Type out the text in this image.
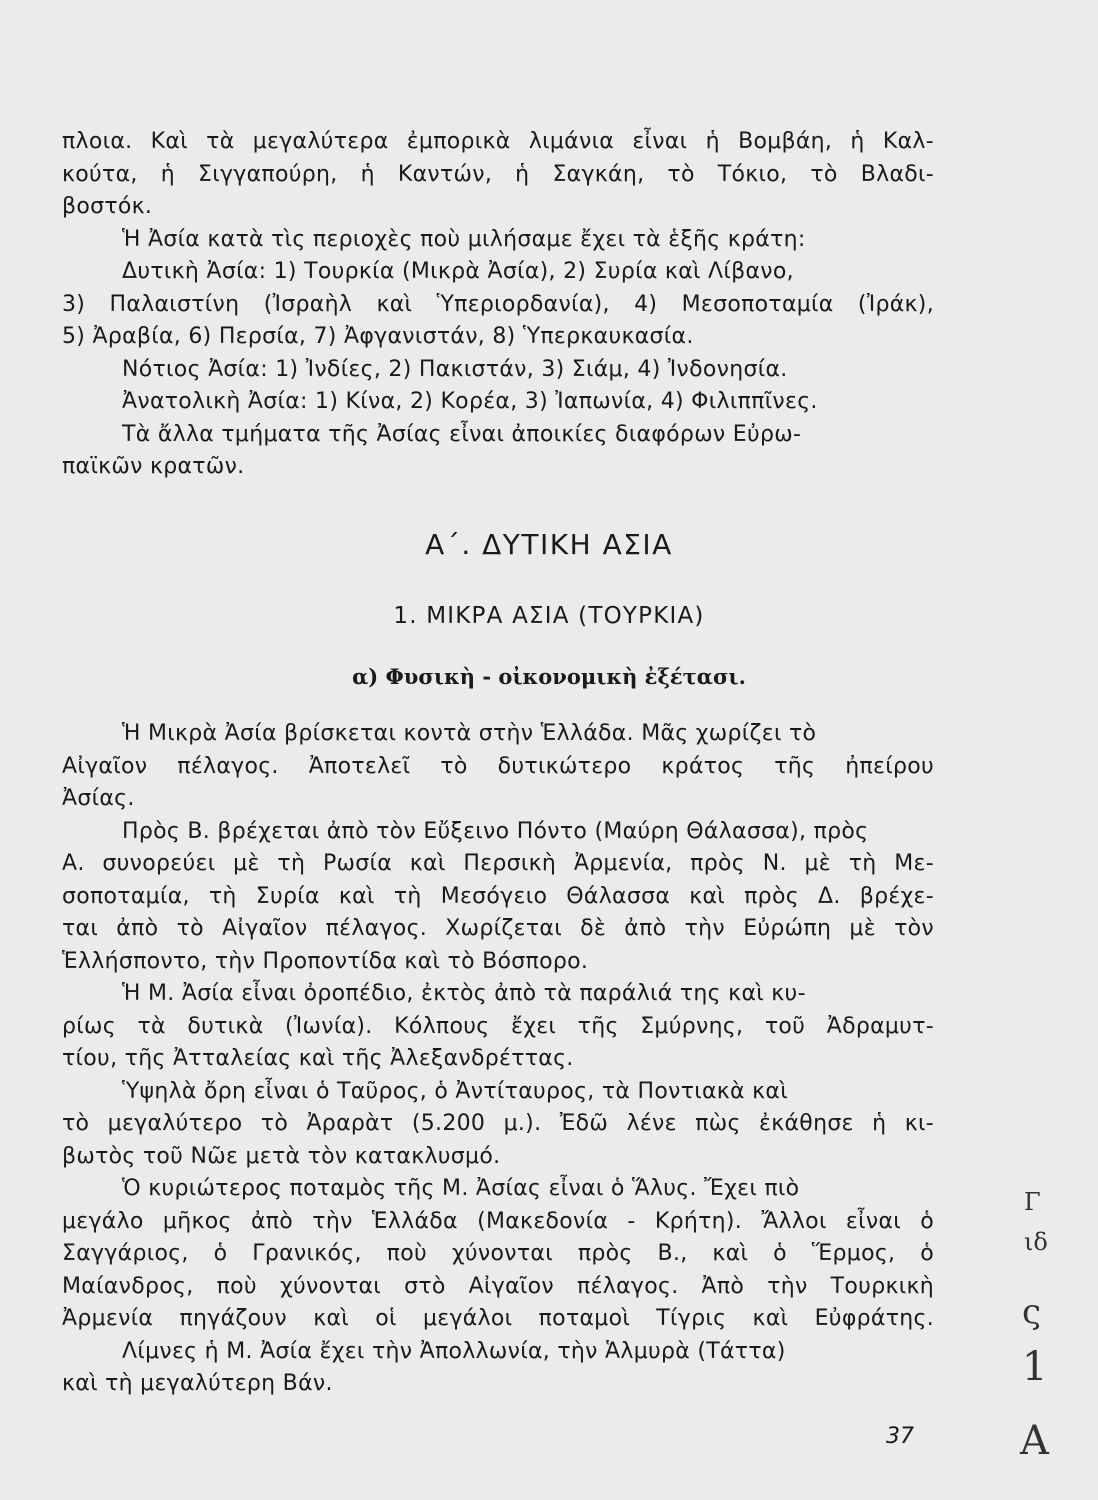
πλοια. Καὶ τὰ μεγαλύτερα ἐμπορικὰ λιμάνια εἶναι ἡ Βομβάη, ἡ Καλ-
κούτα, ἡ Σιγγαπούρη, ἡ Καντών, ἡ Σαγκάη, τὸ Τόκιο, τὸ Βλαδι-
βοστόκ.
Ἡ Ἀσία κατὰ τὶς περιοχὲς ποὺ μιλήσαμε ἔχει τὰ ἑξῆς κράτη:
Δυτικὴ Ἀσία: 1) Τουρκία (Μικρὰ Ἀσία), 2) Συρία καὶ Λίβανο,
3) Παλαιστίνη (Ἰσραὴλ καὶ Ὑπεριορδανία), 4) Μεσοποταμία (Ἰράκ),
5) Ἀραβία, 6) Περσία, 7) Ἀφγανιστάν, 8) Ὑπερκαυκασία.
Νότιος Ἀσία: 1) Ἰνδίες, 2) Πακιστάν, 3) Σιάμ, 4) Ἰνδονησία.
Ἀνατολικὴ Ἀσία: 1) Κίνα, 2) Κορέα, 3) Ἰαπωνία, 4) Φιλιππῖνες.
Τὰ ἄλλα τμήματα τῆς Ἀσίας εἶναι ἀποικίες διαφόρων Εὐρω-
παϊκῶν κρατῶν.
Α΄. ΔΥΤΙΚΗ ΑΣΙΑ
1. ΜΙΚΡΑ ΑΣΙΑ (ΤΟΥΡΚΙΑ)
α) Φυσικὴ - οἰκονομικὴ ἐξέτασι.
Ἡ Μικρὰ Ἀσία βρίσκεται κοντὰ στὴν Ἑλλάδα. Μᾶς χωρίζει τὸ
Αἰγαῖον πέλαγος. Ἀποτελεῖ τὸ δυτικώτερο κράτος τῆς ἠπείρου
Ἀσίας.
Πρὸς Β. βρέχεται ἀπὸ τὸν Εὔξεινο Πόντο (Μαύρη Θάλασσα), πρὸς
Α. συνορεύει μὲ τὴ Ρωσία καὶ Περσικὴ Ἀρμενία, πρὸς Ν. μὲ τὴ Με-
σοποταμία, τὴ Συρία καὶ τὴ Μεσόγειο Θάλασσα καὶ πρὸς Δ. βρέχε-
ται ἀπὸ τὸ Αἰγαῖον πέλαγος. Χωρίζεται δὲ ἀπὸ τὴν Εὐρώπη μὲ τὸν
Ἑλλήσποντο, τὴν Προποντίδα καὶ τὸ Βόσπορο.
Ἡ Μ. Ἀσία εἶναι ὀροπέδιο, ἐκτὸς ἀπὸ τὰ παράλιά της καὶ κυ-
ρίως τὰ δυτικὰ (Ἰωνία). Κόλπους ἔχει τῆς Σμύρνης, τοῦ Ἀδραμυτ-
τίου, τῆς Ἀτταλείας καὶ τῆς Ἀλεξανδρέττας.
Ὑψηλὰ ὄρη εἶναι ὁ Ταῦρος, ὁ Ἀντίταυρος, τὰ Ποντιακὰ καὶ
τὸ μεγαλύτερο τὸ Ἀραρὰτ (5.200 μ.). Ἐδῶ λένε πὼς ἐκάθησε ἡ κι-
βωτὸς τοῦ Νῶε μετὰ τὸν κατακλυσμό.
Ὁ κυριώτερος ποταμὸς τῆς Μ. Ἀσίας εἶναι ὁ Ἅλυς. Ἔχει πιὸ
μεγάλο μῆκος ἀπὸ τὴν Ἑλλάδα (Μακεδονία - Κρήτη). Ἄλλοι εἶναι ὁ
Σαγγάριος, ὁ Γρανικός, ποὺ χύνονται πρὸς Β., καὶ ὁ Ἕρμος, ὁ
Μαίανδρος, ποὺ χύνονται στὸ Αἰγαῖον πέλαγος. Ἀπὸ τὴν Τουρκικὴ
Ἀρμενία πηγάζουν καὶ οἱ μεγάλοι ποταμοὶ Τίγρις καὶ Εὐφράτης.
Λίμνες ἡ Μ. Ἀσία ἔχει τὴν Ἀπολλωνία, τὴν Ἁλμυρὰ (Τάττα)
καὶ τὴ μεγαλύτερη Βάν.
37
Γ
ιδ
ς
1
A
